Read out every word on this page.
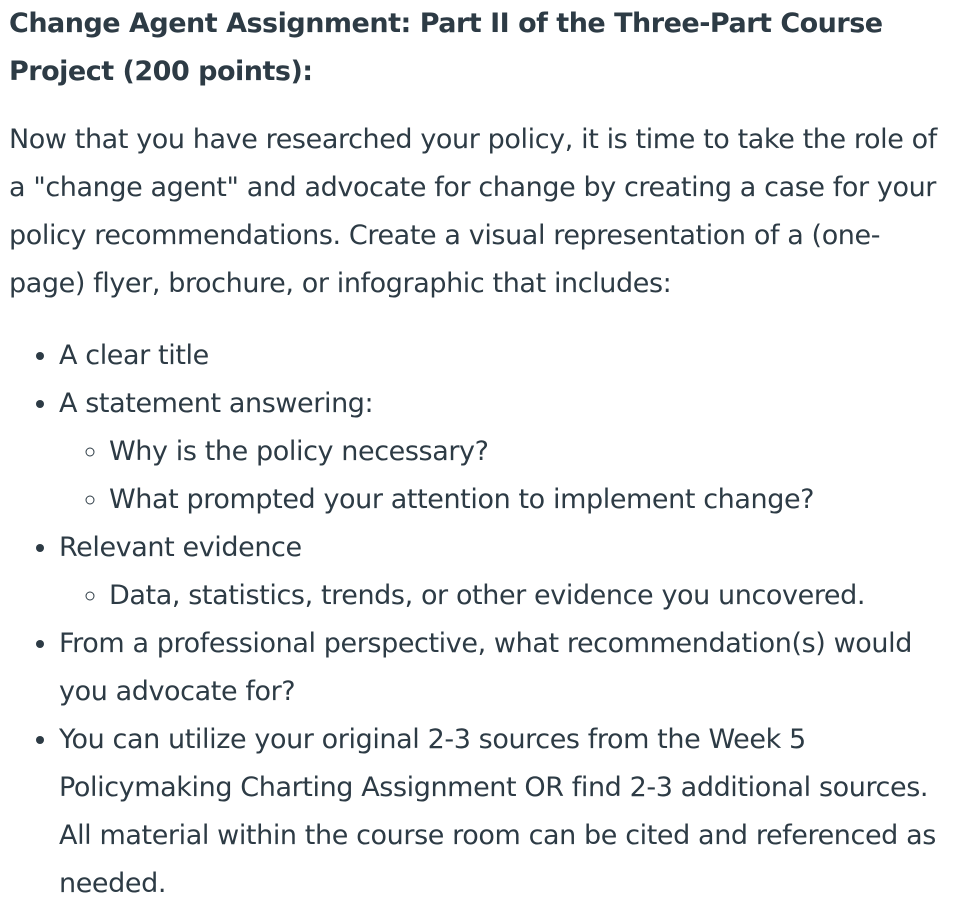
Change Agent Assignment: Part II of the Three-Part Course Project (200 points):

Now that you have researched your policy, it is time to take the role of a "change agent" and advocate for change by creating a case for your policy recommendations. Create a visual representation of a (one-page) flyer, brochure, or infographic that includes:

• A clear title
• A statement answering:
◦ Why is the policy necessary?
◦ What prompted your attention to implement change?
• Relevant evidence
◦ Data, statistics, trends, or other evidence you uncovered.
• From a professional perspective, what recommendation(s) would you advocate for?
• You can utilize your original 2-3 sources from the Week 5 Policymaking Charting Assignment OR find 2-3 additional sources. All material within the course room can be cited and referenced as needed.
